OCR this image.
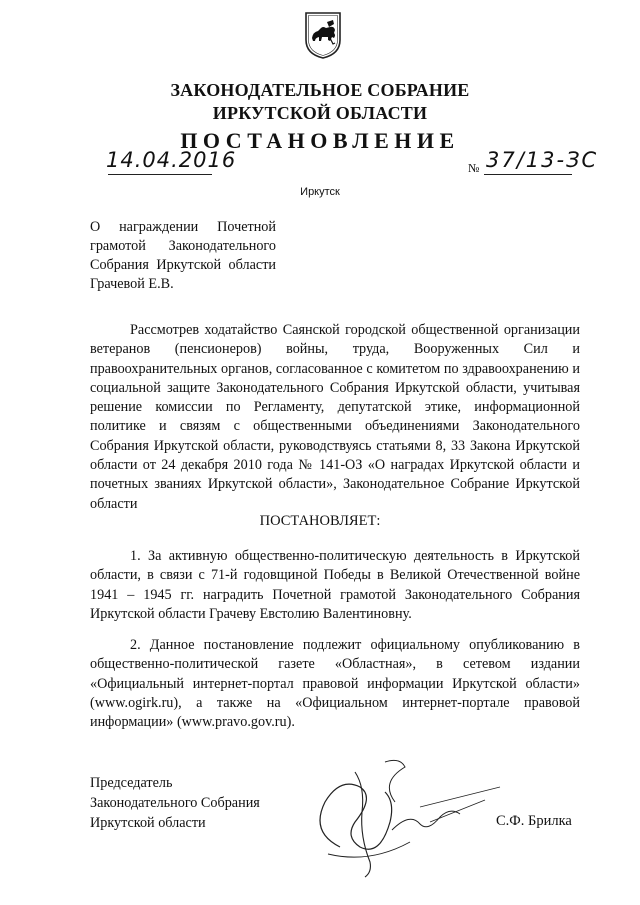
ЗАКОНОДАТЕЛЬНОЕ СОБРАНИЕ
ИРКУТСКОЙ ОБЛАСТИ
ПОСТАНОВЛЕНИЕ
14.04.2016	№ 37/13-ЗС
Иркутск
О награждении Почетной грамотой Законодательного Собрания Иркутской области Грачевой Е.В.
Рассмотрев ходатайство Саянской городской общественной организации ветеранов (пенсионеров) войны, труда, Вооруженных Сил и правоохранительных органов, согласованное с комитетом по здравоохранению и социальной защите Законодательного Собрания Иркутской области, учитывая решение комиссии по Регламенту, депутатской этике, информационной политике и связям с общественными объединениями Законодательного Собрания Иркутской области, руководствуясь статьями 8, 33 Закона Иркутской области от 24 декабря 2010 года № 141-ОЗ «О наградах Иркутской области и почетных званиях Иркутской области», Законодательное Собрание Иркутской области
ПОСТАНОВЛЯЕТ:
1. За активную общественно-политическую деятельность в Иркутской области, в связи с 71-й годовщиной Победы в Великой Отечественной войне 1941 – 1945 гг. наградить Почетной грамотой Законодательного Собрания Иркутской области Грачеву Евстолию Валентиновну.
2. Данное постановление подлежит официальному опубликованию в общественно-политической газете «Областная», в сетевом издании «Официальный интернет-портал правовой информации Иркутской области» (www.ogirk.ru), а также на «Официальном интернет-портале правовой информации» (www.pravo.gov.ru).
Председатель
Законодательного Собрания
Иркутской области	С.Ф. Брилка
